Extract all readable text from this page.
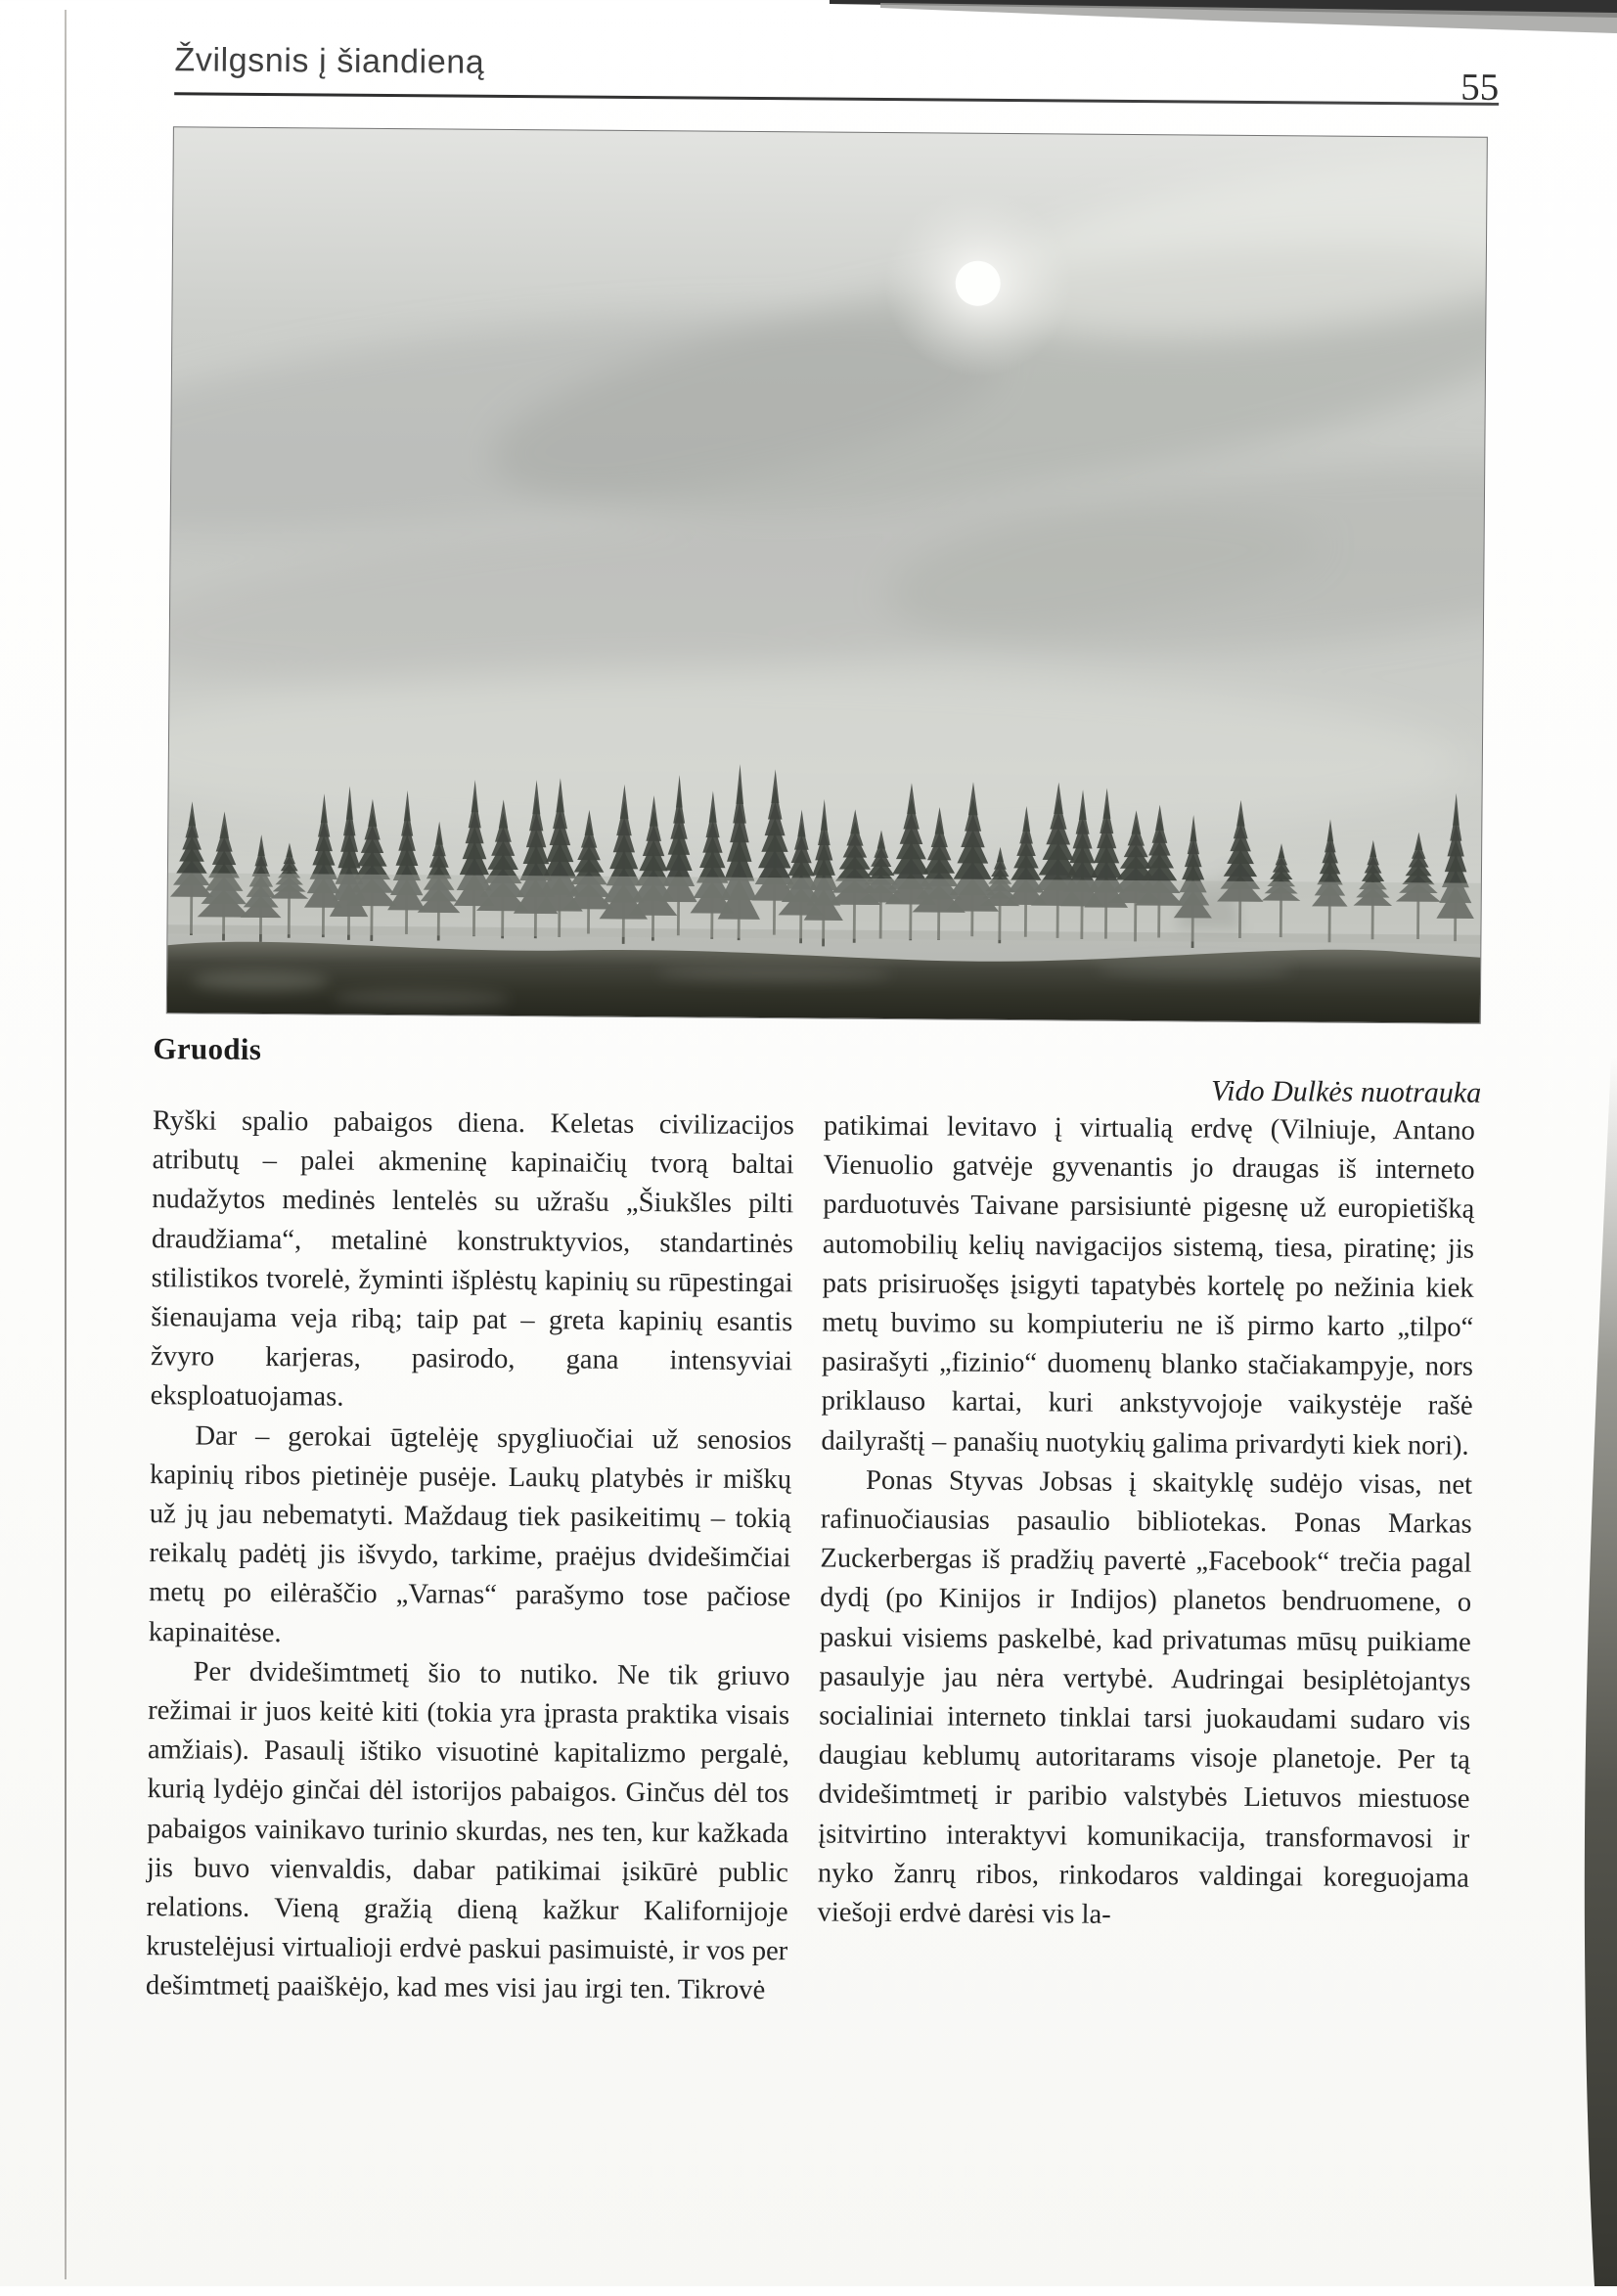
Žvilgsnis į šiandieną
55
Gruodis
Vido Dulkės nuotrauka

Ryški spalio pabaigos diena. Keletas civilizacijos atributų – palei akmeninę kapinaičių tvorą baltai nudažytos medinės lentelės su užrašu „Šiukšles pilti draudžiama“, metalinė konstruktyvios, standartinės stilistikos tvorelė, žyminti išplėstų kapinių su rūpestingai šienaujama veja ribą; taip pat – greta kapinių esantis žvyro karjeras, pasirodo, gana intensyviai eksploatuojamas.

Dar – gerokai ūgtelėję spygliuočiai už senosios kapinių ribos pietinėje pusėje. Laukų platybės ir miškų už jų jau nebematyti. Maždaug tiek pasikeitimų – tokią reikalų padėtį jis išvydo, tarkime, praėjus dvidešimčiai metų po eilėraščio „Varnas“ parašymo tose pačiose kapinaitėse.

Per dvidešimtmetį šio to nutiko. Ne tik griuvo režimai ir juos keitė kiti (tokia yra įprasta praktika visais amžiais). Pasaulį ištiko visuotinė kapitalizmo pergalė, kurią lydėjo ginčai dėl istorijos pabaigos. Ginčus dėl tos pabaigos vainikavo turinio skurdas, nes ten, kur kažkada jis buvo vienvaldis, dabar patikimai įsikūrė public relations. Vieną gražią dieną kažkur Kalifornijoje krustelėjusi virtualioji erdvė paskui pasimuistė, ir vos per dešimtmetį paaiškėjo, kad mes visi jau irgi ten. Tikrovė

patikimai levitavo į virtualią erdvę (Vilniuje, Antano Vienuolio gatvėje gyvenantis jo draugas iš interneto parduotuvės Taivane parsisiuntė pigesnę už europietišką automobilių kelių navigacijos sistemą, tiesa, piratinę; jis pats prisiruošęs įsigyti tapatybės kortelę po nežinia kiek metų buvimo su kompiuteriu ne iš pirmo karto „tilpo“ pasirašyti „fizinio“ duomenų blanko stačiakampyje, nors priklauso kartai, kuri ankstyvojoje vaikystėje rašė dailyraštį – panašių nuotykių galima privardyti kiek nori).

Ponas Styvas Jobsas į skaityklę sudėjo visas, net rafinuočiausias pasaulio bibliotekas. Ponas Markas Zuckerbergas iš pradžių pavertė „Facebook“ trečia pagal dydį (po Kinijos ir Indijos) planetos bendruomene, o paskui visiems paskelbė, kad privatumas mūsų puikiame pasaulyje jau nėra vertybė. Audringai besiplėtojantys socialiniai interneto tinklai tarsi juokaudami sudaro vis daugiau keblumų autoritarams visoje planetoje. Per tą dvidešimtmetį ir paribio valstybės Lietuvos miestuose įsitvirtino interaktyvi komunikacija, transformavosi ir nyko žanrų ribos, rinkodaros valdingai koreguojama viešoji erdvė darėsi vis la-
